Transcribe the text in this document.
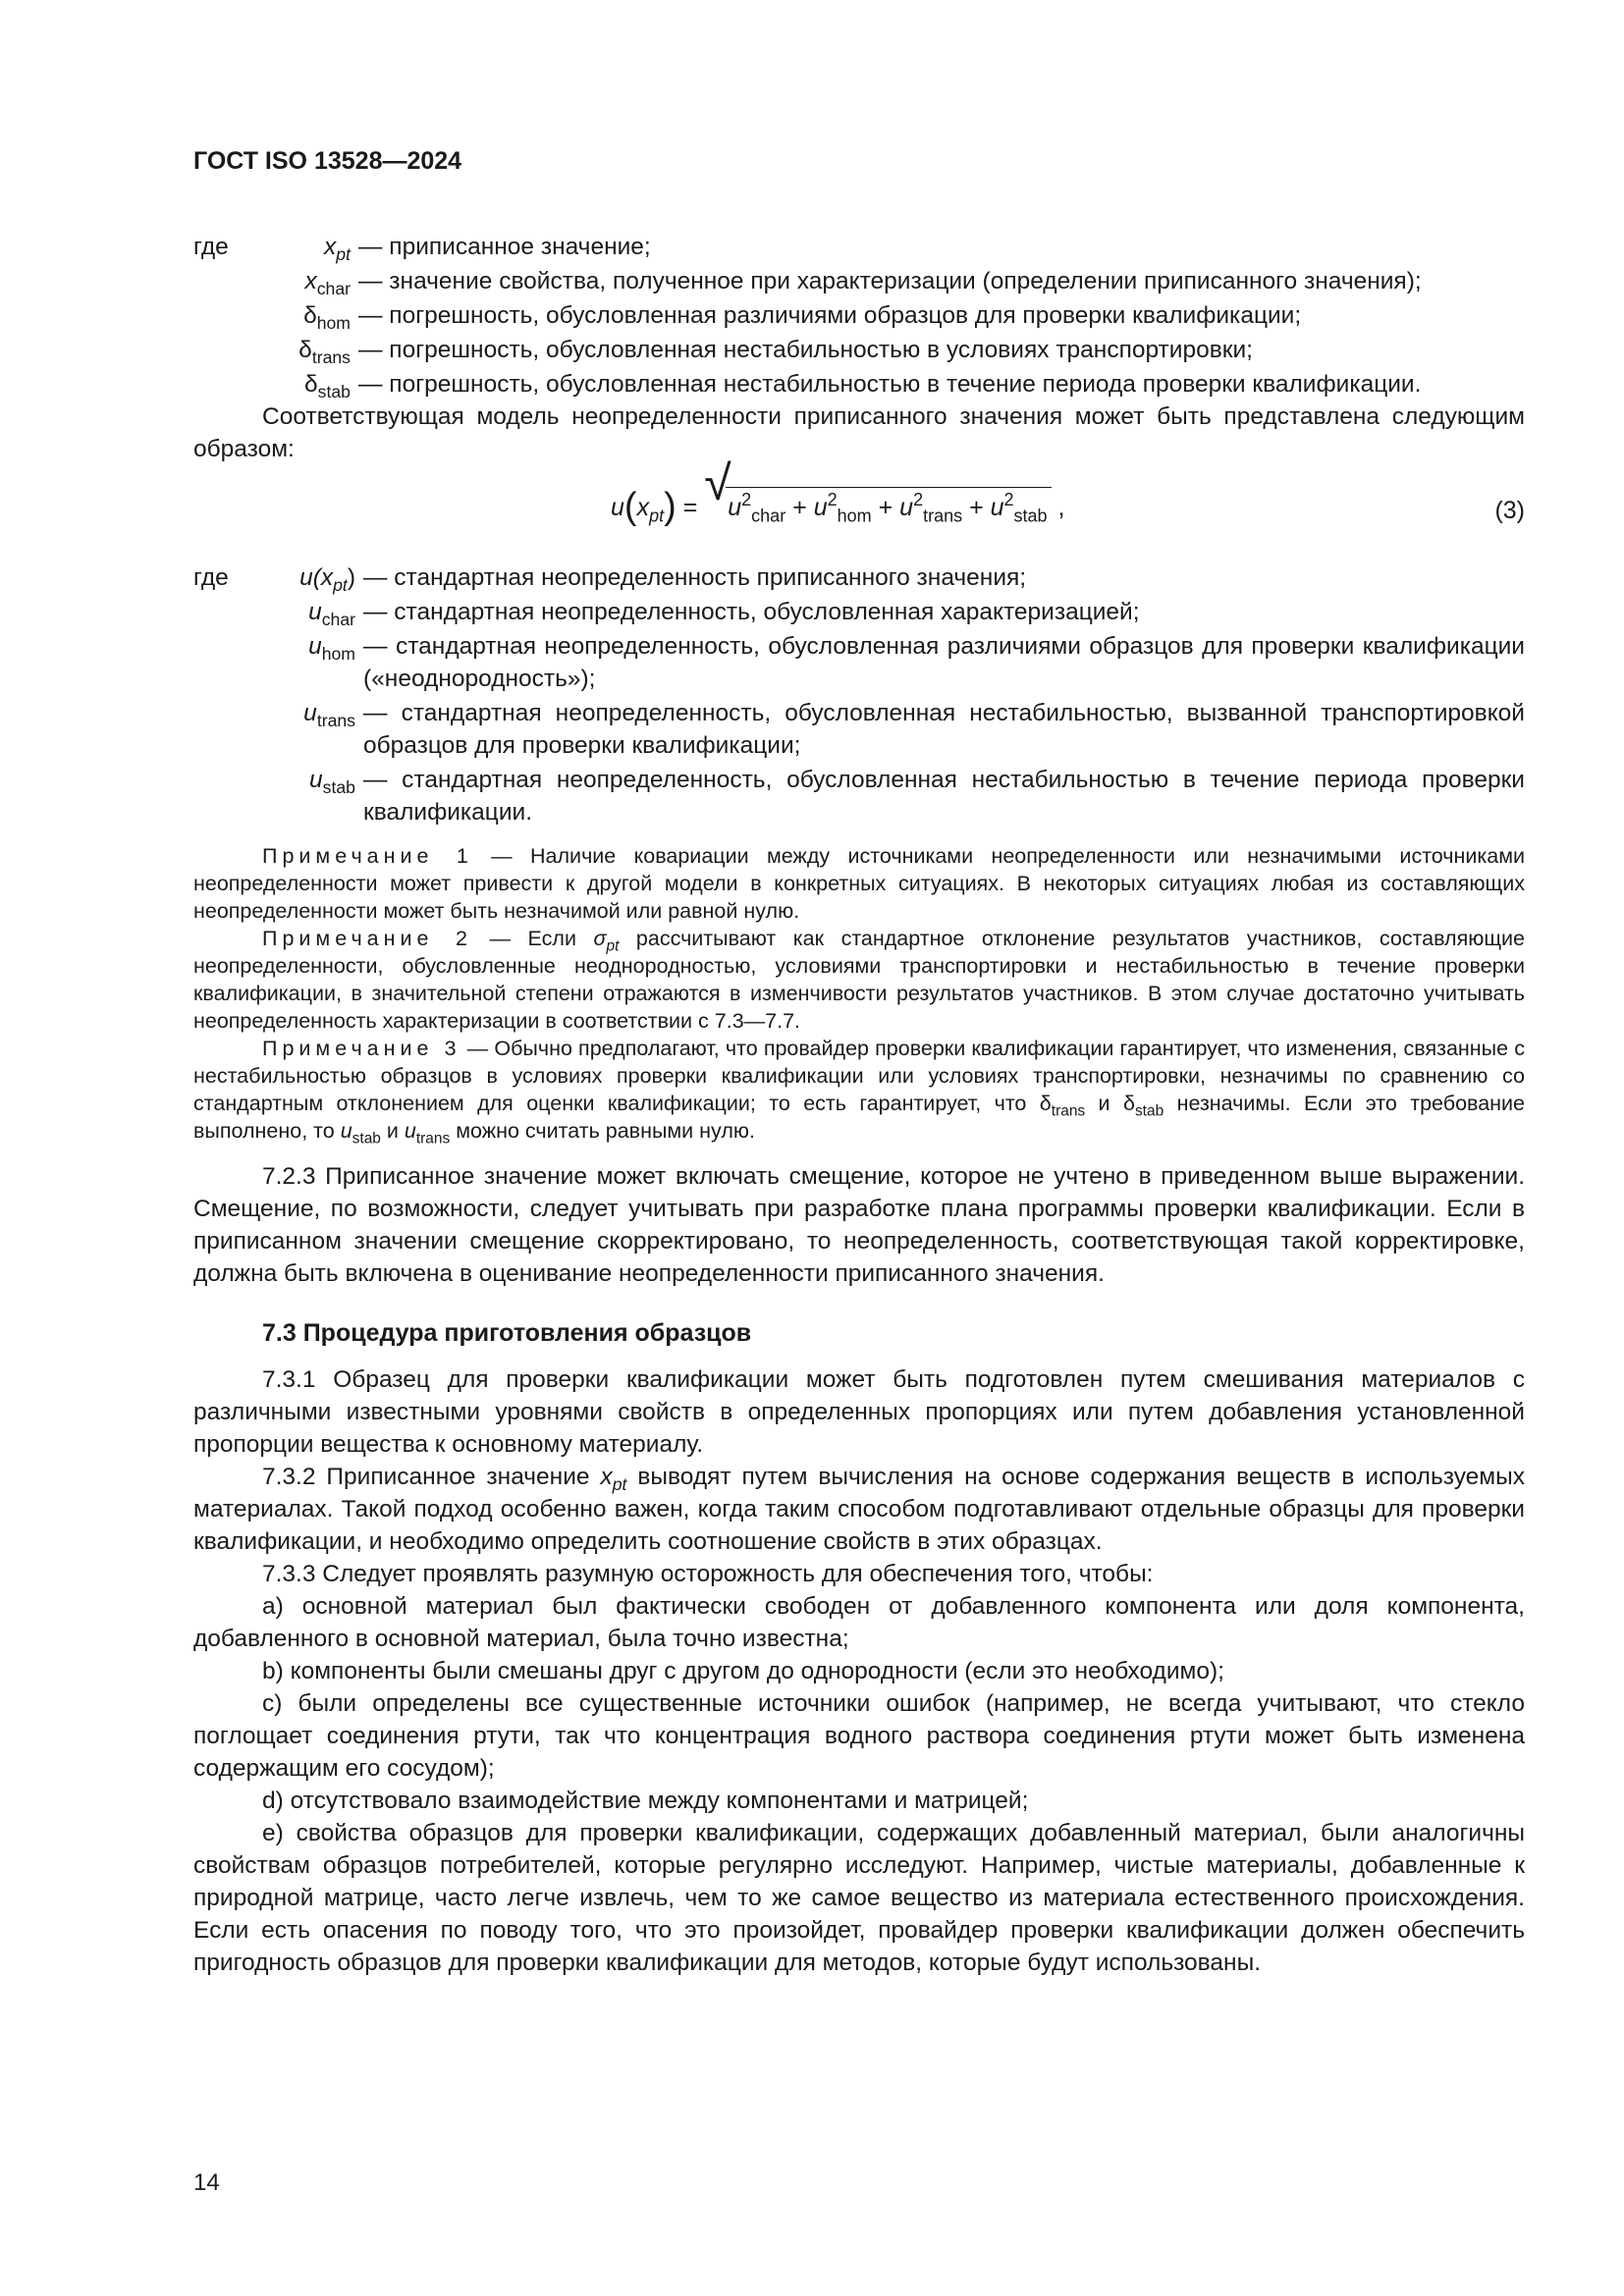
ГОСТ ISO 13528—2024
где	$x_{pt}$ — приписанное значение;
$x_{char}$ — значение свойства, полученное при характеризации (определении приписанного значения);
$\delta_{hom}$ — погрешность, обусловленная различиями образцов для проверки квалификации;
$\delta_{trans}$ — погрешность, обусловленная нестабильностью в условиях транспортировки;
$\delta_{stab}$ — погрешность, обусловленная нестабильностью в течение периода проверки квалификации.

Соответствующая модель неопределенности приписанного значения может быть представлена следующим образом:

$u(x_{pt})$ = √
$u^2_{char} + u^2_{hom} + u^2_{trans} + u^2_{stab}$ ,	(3)
где	$u(x_{pt})$ — стандартная неопределенность приписанного значения;
$u_{char}$ — стандартная неопределенность, обусловленная характеризацией;
$u_{hom}$ — стандартная неопределенность, обусловленная различиями образцов для проверки квалификации («неоднородность»);
$u_{trans}$ — стандартная неопределенность, обусловленная нестабильностью, вызванной транспортировкой образцов для проверки квалификации;
$u_{stab}$ — стандартная неопределенность, обусловленная нестабильностью в течение периода проверки квалификации.

Примечание 1 — Наличие ковариации между источниками неопределенности или незначимыми источниками неопределенности может привести к другой модели в конкретных ситуациях. В некоторых ситуациях любая из составляющих неопределенности может быть незначимой или равной нулю.

Примечание 2 — Если $\sigma_{pt}$ рассчитывают как стандартное отклонение результатов участников, составляющие неопределенности, обусловленные неоднородностью, условиями транспортировки и нестабильностью в течение проверки квалификации, в значительной степени отражаются в изменчивости результатов участников. В этом случае достаточно учитывать неопределенность характеризации в соответствии с 7.3—7.7.

Примечание 3 — Обычно предполагают, что провайдер проверки квалификации гарантирует, что изменения, связанные с нестабильностью образцов в условиях проверки квалификации или условиях транспортировки, незначимы по сравнению со стандартным отклонением для оценки квалификации; то есть гарантирует, что $\delta_{trans}$ и $\delta_{stab}$ незначимы. Если это требование выполнено, то $u_{stab}$ и $u_{trans}$ можно считать равными нулю.

7.2.3 Приписанное значение может включать смещение, которое не учтено в приведенном выше выражении. Смещение, по возможности, следует учитывать при разработке плана программы проверки квалификации. Если в приписанном значении смещение скорректировано, то неопределенность, соответствующая такой корректировке, должна быть включена в оценивание неопределенности приписанного значения.

7.3 Процедура приготовления образцов

7.3.1 Образец для проверки квалификации может быть подготовлен путем смешивания материалов с различными известными уровнями свойств в определенных пропорциях или путем добавления установленной пропорции вещества к основному материалу.

7.3.2 Приписанное значение $x_{pt}$ выводят путем вычисления на основе содержания веществ в используемых материалах. Такой подход особенно важен, когда таким способом подготавливают отдельные образцы для проверки квалификации, и необходимо определить соотношение свойств в этих образцах.

7.3.3 Следует проявлять разумную осторожность для обеспечения того, чтобы:

а) основной материал был фактически свободен от добавленного компонента или доля компонента, добавленного в основной материал, была точно известна;

b) компоненты были смешаны друг с другом до однородности (если это необходимо);

c) были определены все существенные источники ошибок (например, не всегда учитывают, что стекло поглощает соединения ртути, так что концентрация водного раствора соединения ртути может быть изменена содержащим его сосудом);

d) отсутствовало взаимодействие между компонентами и матрицей;

e) свойства образцов для проверки квалификации, содержащих добавленный материал, были аналогичны свойствам образцов потребителей, которые регулярно исследуют. Например, чистые материалы, добавленные к природной матрице, часто легче извлечь, чем то же самое вещество из материала естественного происхождения. Если есть опасения по поводу того, что это произойдет, провайдер проверки квалификации должен обеспечить пригодность образцов для проверки квалификации для методов, которые будут использованы.

14
